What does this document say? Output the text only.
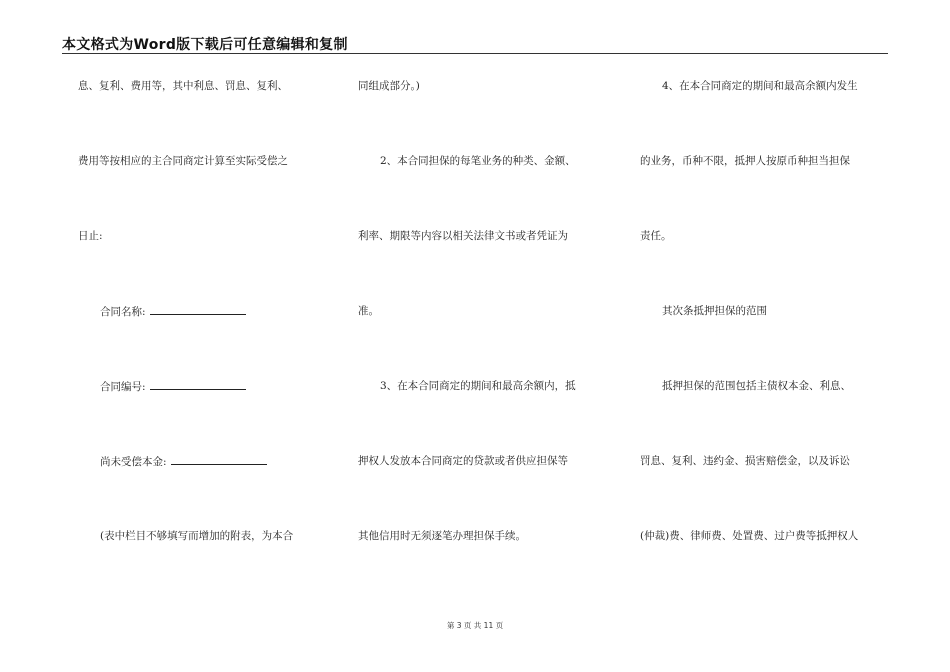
本文格式为Word版下载后可任意编辑和复制
息、复利、费用等，其中利息、罚息、复利、
费用等按相应的主合同商定计算至实际受偿之
日止:
合同名称:
合同编号:
尚未受偿本金:
(表中栏目不够填写而增加的附表，为本合
同组成部分。)
2、本合同担保的每笔业务的种类、金额、
利率、期限等内容以相关法律文书或者凭证为
准。
3、在本合同商定的期间和最高余额内，抵
押权人发放本合同商定的贷款或者供应担保等
其他信用时无须逐笔办理担保手续。
4、在本合同商定的期间和最高余额内发生
的业务，币种不限，抵押人按原币种担当担保
责任。
其次条抵押担保的范围
抵押担保的范围包括主债权本金、利息、
罚息、复利、违约金、损害赔偿金，以及诉讼
(仲裁)费、律师费、处置费、过户费等抵押权人
第 3 页 共 11 页
